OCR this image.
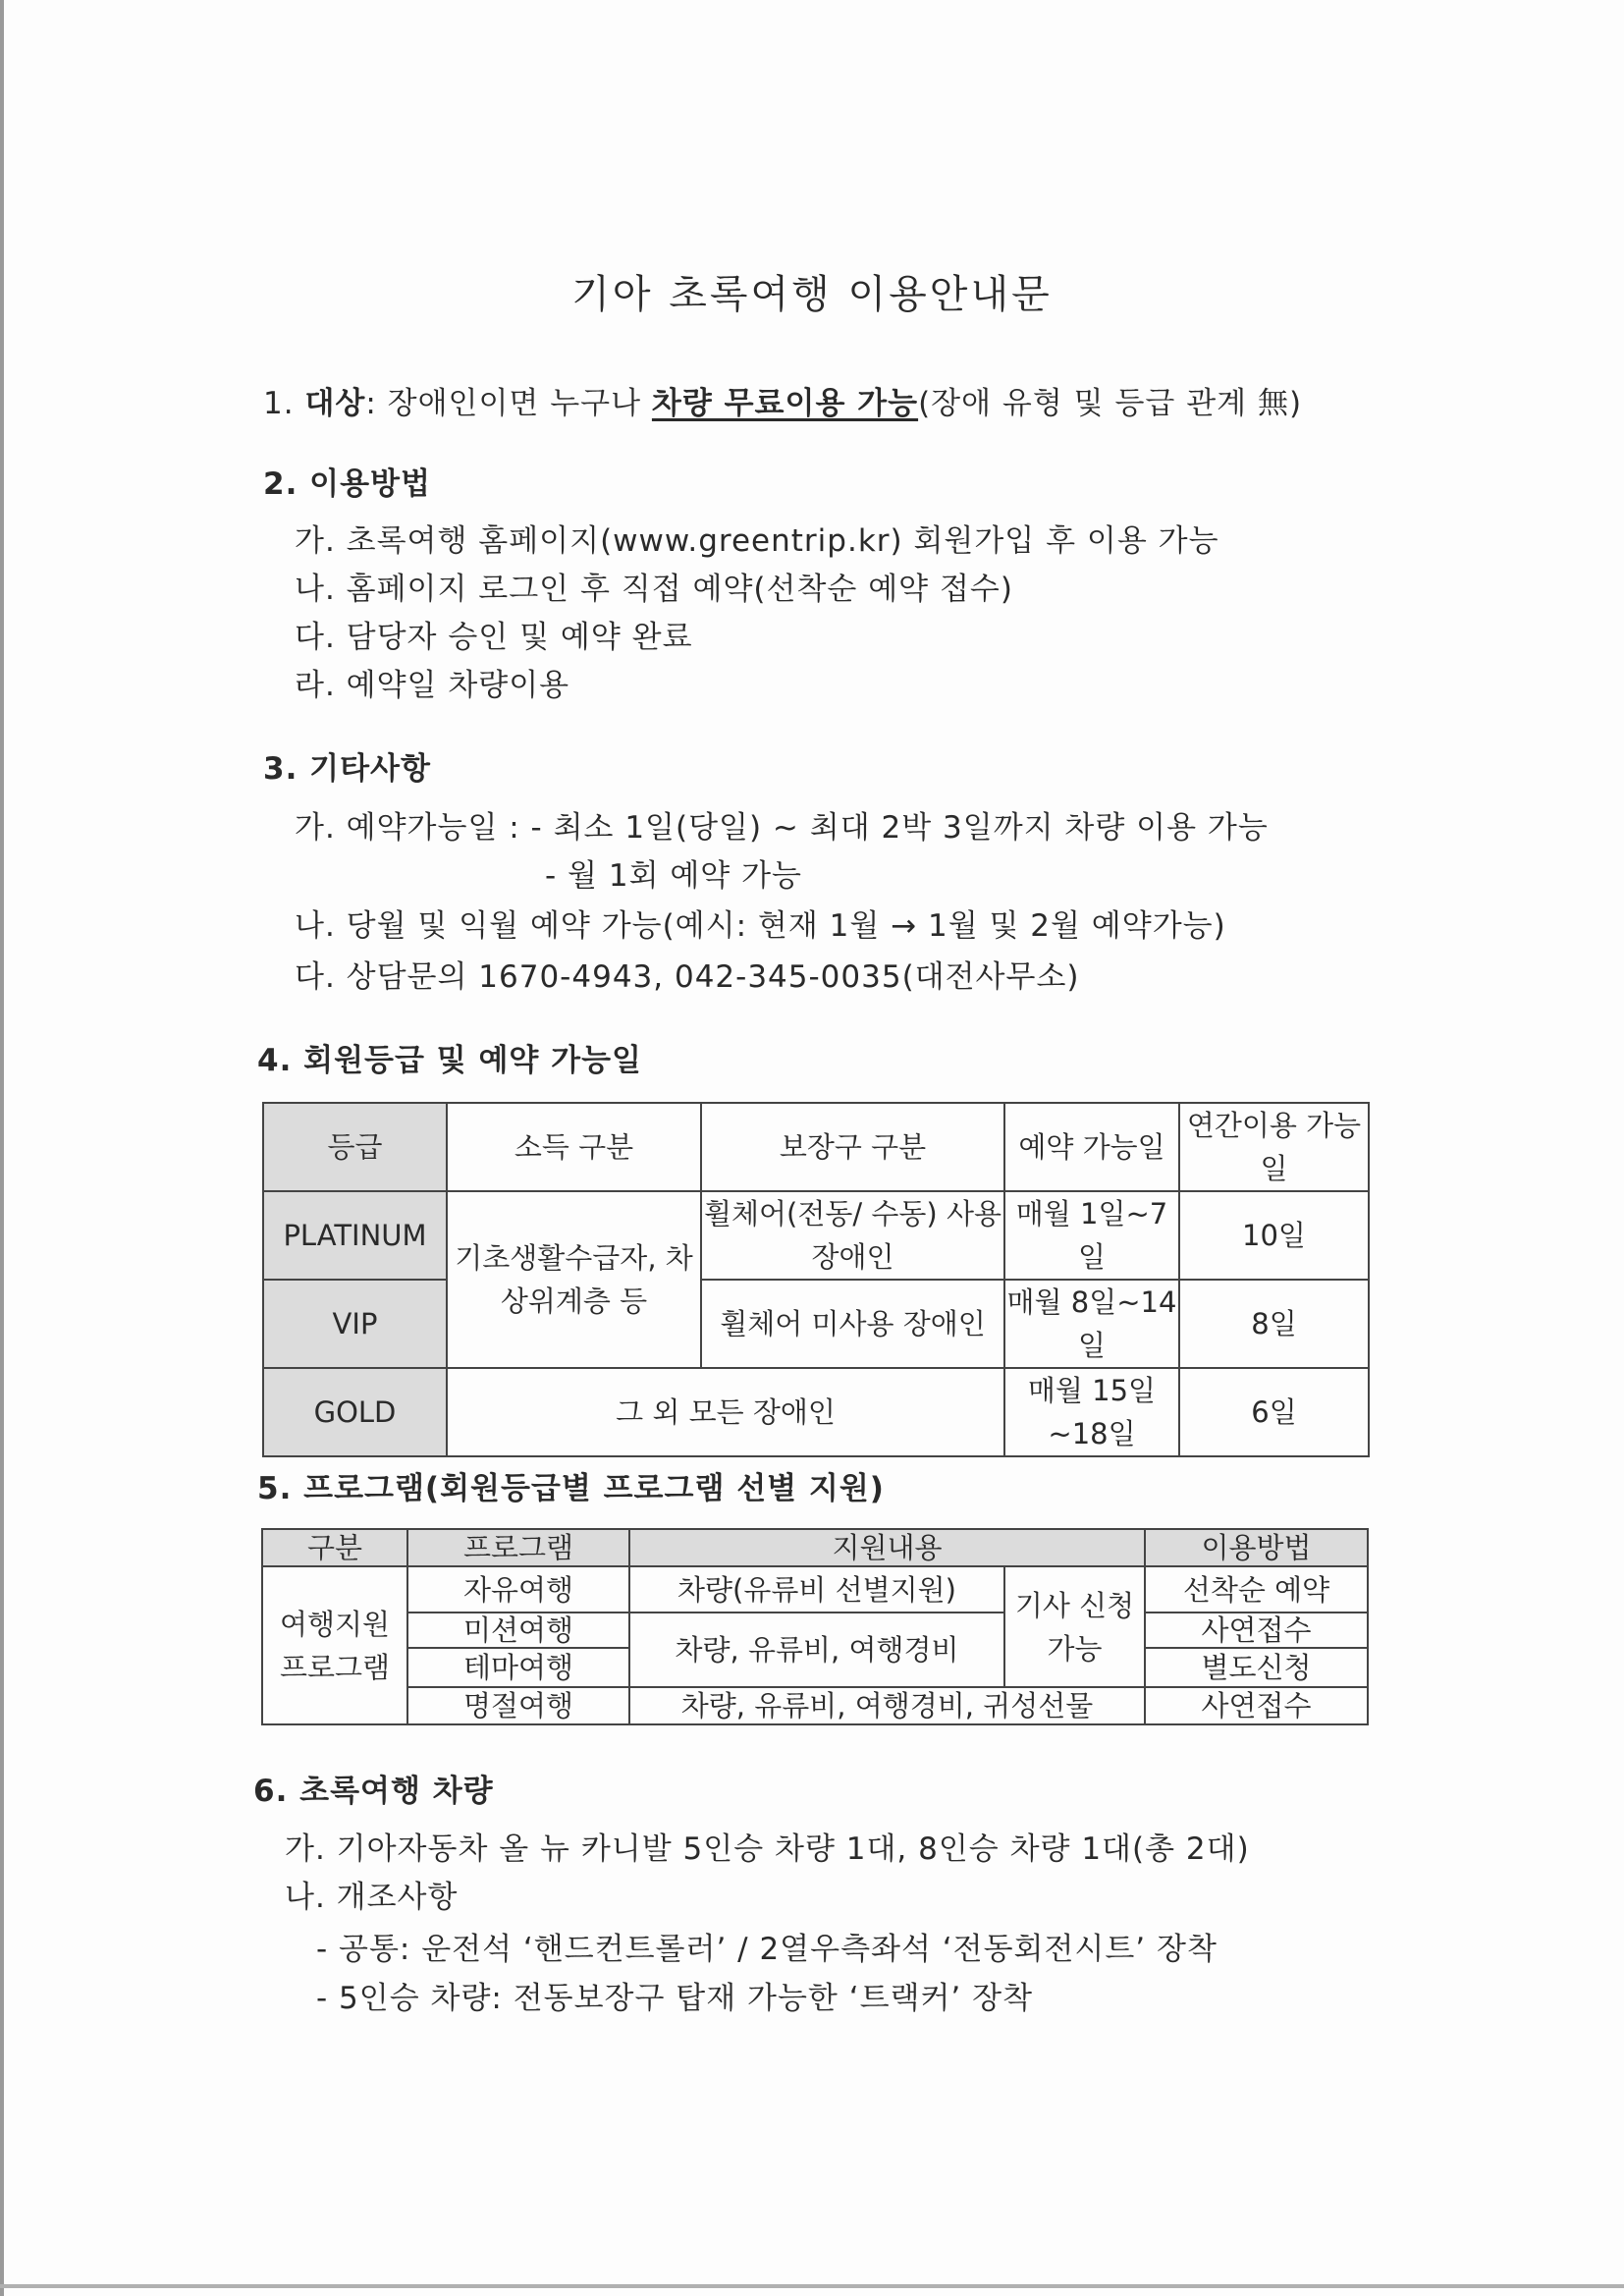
기아 초록여행 이용안내문
1. 대상: 장애인이면 누구나 차량 무료이용 가능(장애 유형 및 등급 관계 無)
2. 이용방법
가. 초록여행 홈페이지(www.greentrip.kr) 회원가입 후 이용 가능
나. 홈페이지 로그인 후 직접 예약(선착순 예약 접수)
다. 담당자 승인 및 예약 완료
라. 예약일 차량이용
3. 기타사항
가. 예약가능일 : - 최소 1일(당일) ~ 최대 2박 3일까지 차량 이용 가능
- 월 1회 예약 가능
나. 당월 및 익월 예약 가능(예시: 현재 1월 → 1월 및 2월 예약가능)
다. 상담문의 1670-4943, 042-345-0035(대전사무소)
4. 회원등급 및 예약 가능일
등급	소득 구분	보장구 구분	예약 가능일	연간이용 가능일
PLATINUM	기초생활수급자, 차상위계층 등	휠체어(전동/ 수동) 사용 장애인	매월 1일~7일	10일
VIP		휠체어 미사용 장애인	매월 8일~14일	8일
GOLD	그 외 모든 장애인		매월 15일~18일	6일
5. 프로그램(회원등급별 프로그램 선별 지원)
구분	프로그램	지원내용		이용방법
여행지원 프로그램	자유여행	차량(유류비 선별지원)	기사 신청 가능	선착순 예약
	미션여행	차량, 유류비, 여행경비		사연접수
	테마여행			별도신청
	명절여행	차량, 유류비, 여행경비, 귀성선물		사연접수
6. 초록여행 차량
가. 기아자동차 올 뉴 카니발 5인승 차량 1대, 8인승 차량 1대(총 2대)
나. 개조사항
- 공통: 운전석 ‘핸드컨트롤러’ / 2열우측좌석 ‘전동회전시트’ 장착
- 5인승 차량: 전동보장구 탑재 가능한 ‘트랙커’ 장착
